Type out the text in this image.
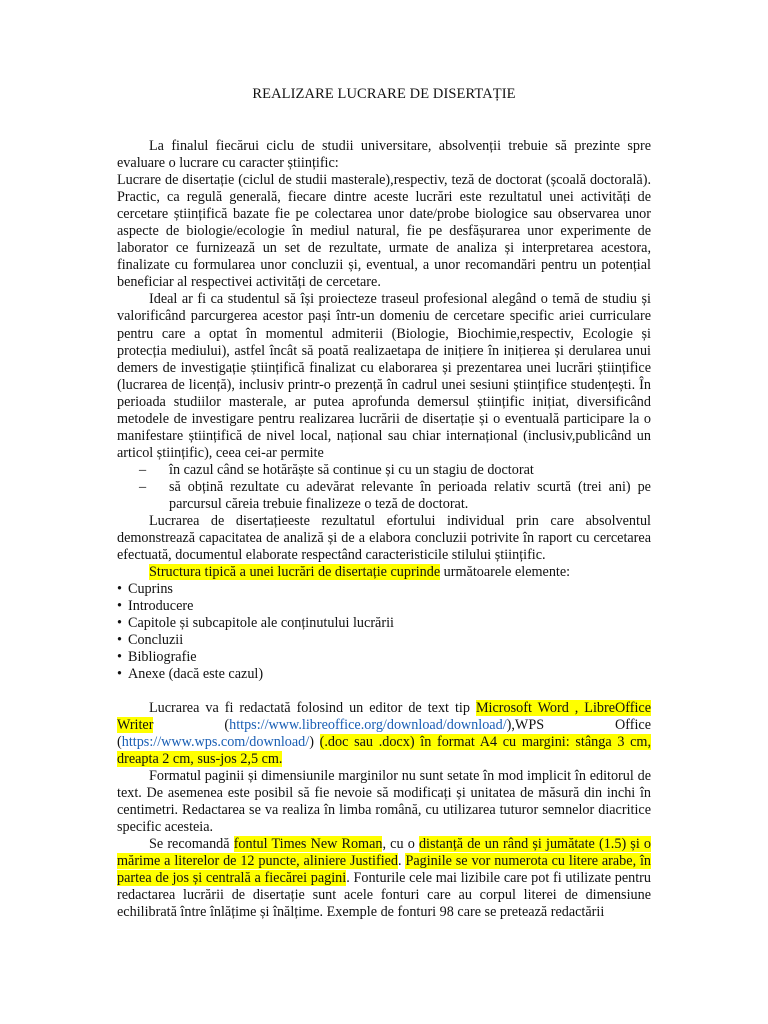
REALIZARE LUCRARE DE DISERTAȚIE

La finalul fiecărui ciclu de studii universitare, absolvenții trebuie să prezinte spre evaluare o lucrare cu caracter științific:

Lucrare de disertație (ciclul de studii masterale),respectiv, teză de doctorat (școală doctorală). Practic, ca regulă generală, fiecare dintre aceste lucrări este rezultatul unei activități de cercetare științifică bazate fie pe colectarea unor date/probe biologice sau observarea unor aspecte de biologie/ecologie în mediul natural, fie pe desfășurarea unor experimente de laborator ce furnizează un set de rezultate, urmate de analiza și interpretarea acestora, finalizate cu formularea unor concluzii și, eventual, a unor recomandări pentru un potențial beneficiar al respectivei activități de cercetare.

Ideal ar fi ca studentul să își proiecteze traseul profesional alegând o temă de studiu și valorificând parcurgerea acestor pași într-un domeniu de cercetare specific ariei curriculare pentru care a optat în momentul admiterii (Biologie, Biochimie,respectiv, Ecologie și protecția mediului), astfel încât să poată realizaetapa de inițiere în inițierea și derularea unui demers de investigație științifică finalizat cu elaborarea și prezentarea unei lucrări științifice (lucrarea de licență), inclusiv printr-o prezență în cadrul unei sesiuni științifice studențești. În perioada studiilor masterale, ar putea aprofunda demersul științific inițiat, diversificând metodele de investigare pentru realizarea lucrării de disertație și o eventuală participare la o manifestare științifică de nivel local, național sau chiar internațional (inclusiv,publicând un articol științific), ceea cei-ar permite

– în cazul când se hotărăște să continue și cu un stagiu de doctorat
– să obțină rezultate cu adevărat relevante în perioada relativ scurtă (trei ani) pe parcursul căreia trebuie finalizeze o teză de doctorat.

Lucrarea de disertațieeste rezultatul efortului individual prin care absolventul demonstrează capacitatea de analiză și de a elabora concluzii potrivite în raport cu cercetarea efectuată, documentul elaborate respectând caracteristicile stilului științific.

Structura tipică a unei lucrări de disertație cuprinde următoarele elemente:

• Cuprins
• Introducere
• Capitole și subcapitole ale conținutului lucrării
• Concluzii
• Bibliografie
• Anexe (dacă este cazul)

Lucrarea va fi redactată folosind un editor de text tip Microsoft Word , LibreOffice Writer (https://www.libreoffice.org/download/download/),WPS Office (https://www.wps.com/download/) (.doc sau .docx) în format A4 cu margini: stânga 3 cm, dreapta 2 cm, sus-jos 2,5 cm.

Formatul paginii și dimensiunile marginilor nu sunt setate în mod implicit în editorul de text. De asemenea este posibil să fie nevoie să modificați și unitatea de măsură din inchi în centimetri. Redactarea se va realiza în limba română, cu utilizarea tuturor semnelor diacritice specific acesteia.

Se recomandă fontul Times New Roman, cu o distanță de un rând și jumătate (1.5) și o mărime a literelor de 12 puncte, aliniere Justified. Paginile se vor numerota cu litere arabe, în partea de jos și centrală a fiecărei pagini. Fonturile cele mai lizibile care pot fi utilizate pentru redactarea lucrării de disertație sunt acele fonturi care au corpul literei de dimensiune echilibrată între înlățime și înălțime. Exemple de fonturi 98 care se pretează redactării
